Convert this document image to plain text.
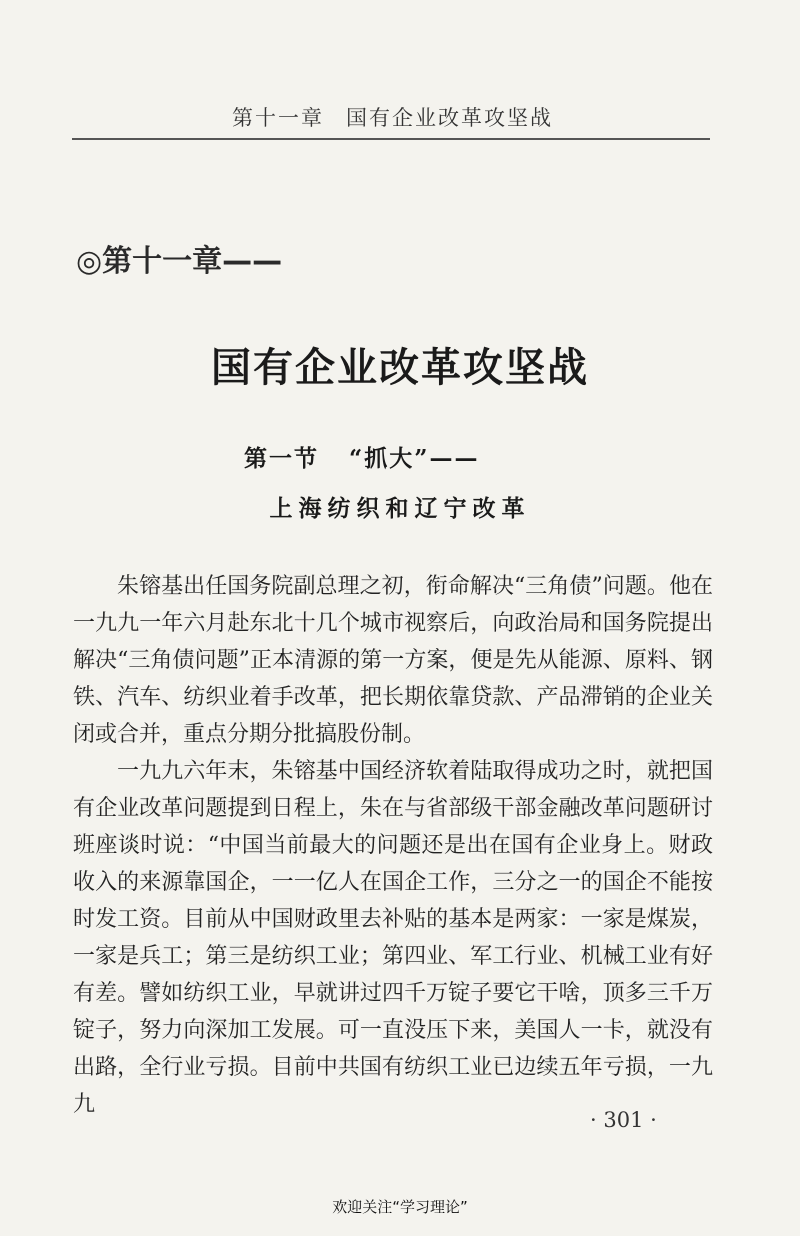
第十一章 国有企业改革攻坚战
◎第十一章——
国有企业改革攻坚战
第一节 “抓大”——
上海纺织和辽宁改革

朱镕基出任国务院副总理之初，衔命解决“三角债”问题。他在一九九一年六月赴东北十几个城市视察后，向政治局和国务院提出解决“三角债问题”正本清源的第一方案，便是先从能源、原料、钢铁、汽车、纺织业着手改革，把长期依靠贷款、产品滞销的企业关闭或合并，重点分期分批搞股份制。

一九九六年末，朱镕基中国经济软着陆取得成功之时，就把国有企业改革问题提到日程上，朱在与省部级干部金融改革问题研讨班座谈时说：“中国当前最大的问题还是出在国有企业身上。财政收入的来源靠国企，一一亿人在国企工作，三分之一的国企不能按时发工资。目前从中国财政里去补贴的基本是两家：一家是煤炭，一家是兵工；第三是纺织工业；第四业、军工行业、机械工业有好有差。譬如纺织工业，早就讲过四千万锭子要它干啥，顶多三千万锭子，努力向深加工发展。可一直没压下来，美国人一卡，就没有出路，全行业亏损。目前中共国有纺织工业已边续五年亏损，一九九

· 301 ·
欢迎关注“学习理论”
